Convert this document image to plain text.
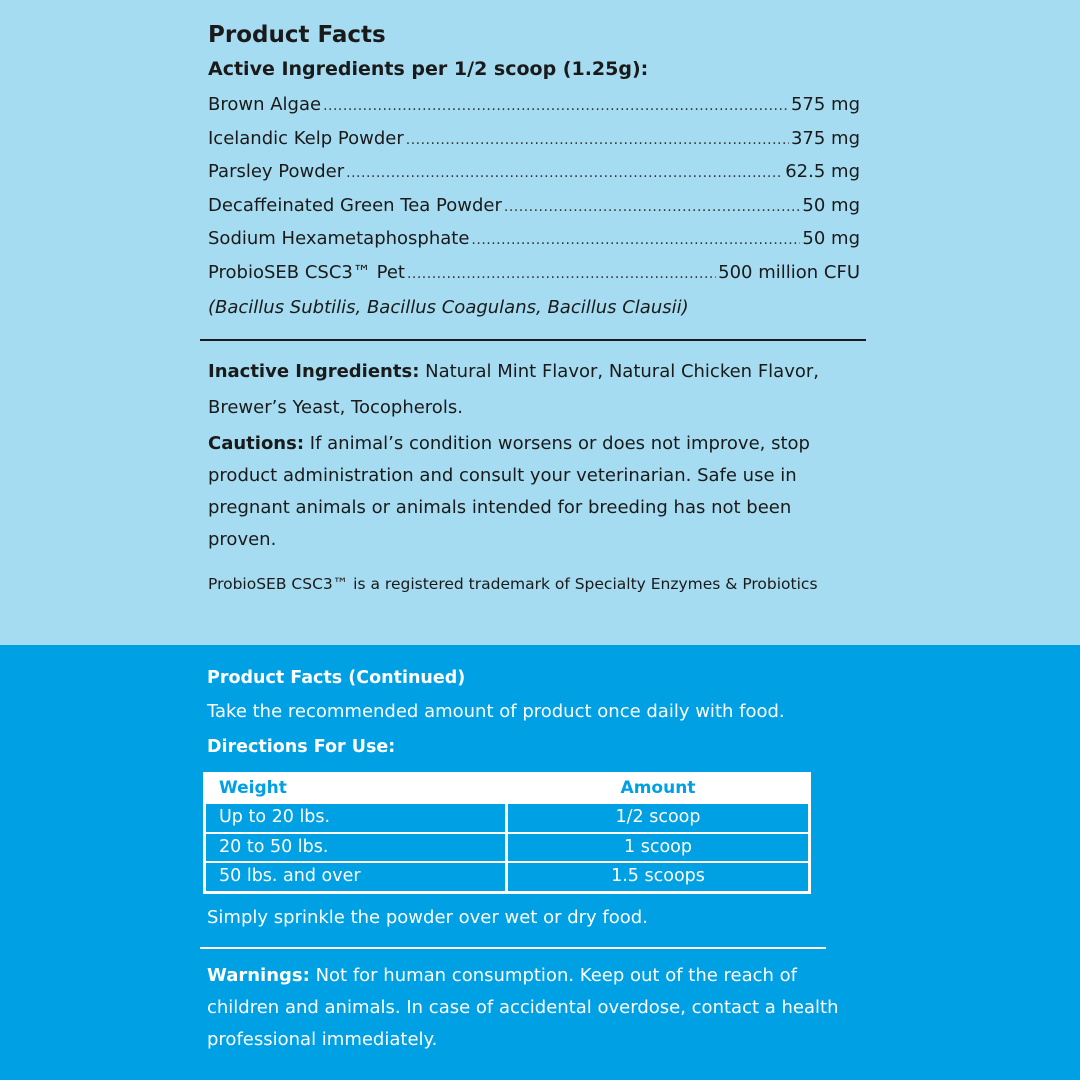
Product Facts
Active Ingredients per 1/2 scoop (1.25g):
Brown Algae .....	575 mg
Icelandic Kelp Powder .....	375 mg
Parsley Powder .....	62.5 mg
Decaffeinated Green Tea Powder .....	50 mg
Sodium Hexametaphosphate .....	50 mg
ProbioSEB CSC3™ Pet .....	500 million CFU
(Bacillus Subtilis, Bacillus Coagulans, Bacillus Clausii)
Inactive Ingredients: Natural Mint Flavor, Natural Chicken Flavor, Brewer’s Yeast, Tocopherols.
Cautions: If animal’s condition worsens or does not improve, stop product administration and consult your veterinarian. Safe use in pregnant animals or animals intended for breeding has not been proven.
ProbioSEB CSC3™ is a registered trademark of Specialty Enzymes & Probiotics
Product Facts (Continued)
Take the recommended amount of product once daily with food.
Directions For Use:
Weight	Amount
Up to 20 lbs.	1/2 scoop
20 to 50 lbs.	1 scoop
50 lbs. and over	1.5 scoops
Simply sprinkle the powder over wet or dry food.
Warnings: Not for human consumption. Keep out of the reach of children and animals. In case of accidental overdose, contact a health professional immediately.
